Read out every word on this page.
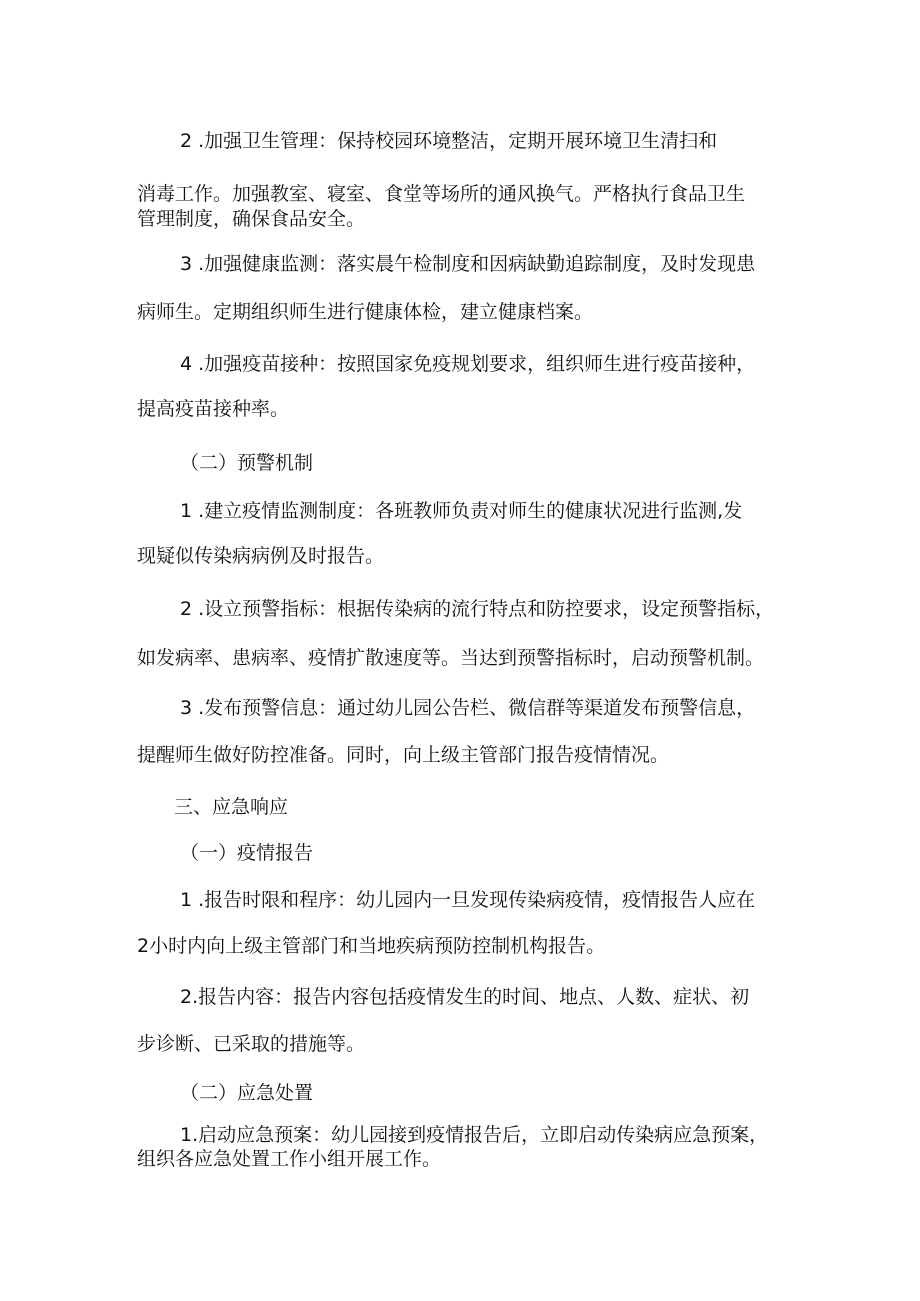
2 .加强卫生管理：保持校园环境整洁，定期开展环境卫生清扫和

消毒工作。加强教室、寝室、食堂等场所的通风换气。严格执行食品卫生

管理制度，确保食品安全。

3 .加强健康监测：落实晨午检制度和因病缺勤追踪制度，及时发现患

病师生。定期组织师生进行健康体检，建立健康档案。

4 .加强疫苗接种：按照国家免疫规划要求，组织师生进行疫苗接种，

提高疫苗接种率。

（二）预警机制

1 .建立疫情监测制度：各班教师负责对师生的健康状况进行监测,发

现疑似传染病病例及时报告。

2 .设立预警指标：根据传染病的流行特点和防控要求，设定预警指标，

如发病率、患病率、疫情扩散速度等。当达到预警指标时，启动预警机制。

3 .发布预警信息：通过幼儿园公告栏、微信群等渠道发布预警信息，

提醒师生做好防控准备。同时，向上级主管部门报告疫情情况。

三、应急响应

（一）疫情报告

1 .报告时限和程序：幼儿园内一旦发现传染病疫情，疫情报告人应在

2小时内向上级主管部门和当地疾病预防控制机构报告。

2.报告内容：报告内容包括疫情发生的时间、地点、人数、症状、初

步诊断、已采取的措施等。

（二）应急处置

1.启动应急预案：幼儿园接到疫情报告后，立即启动传染病应急预案，

组织各应急处置工作小组开展工作。
